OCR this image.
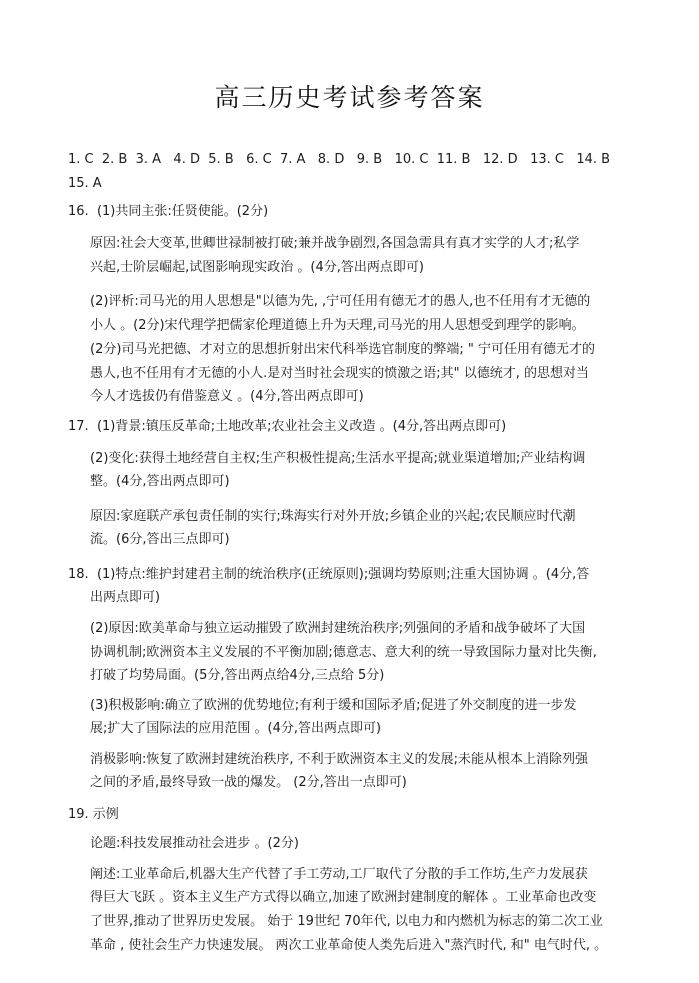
高三历史考试参考答案
1. C  2. B  3. A   4. D  5. B   6. C  7. A   8. D   9. B   10. C  11. B   12. D   13. C   14. B
15. A
16.  (1)共同主张:任贤使能。(2分)
原因:社会大变革,世卿世禄制被打破;兼并战争剧烈,各国急需具有真才实学的人才;私学
兴起,士阶层崛起,试图影响现实政治 。(4分,答出两点即可)
(2)评析:司马光的用人思想是"以德为先, ,宁可任用有德无才的愚人,也不任用有才无德的
小人 。(2分)宋代理学把儒家伦理道德上升为天理,司马光的用人思想受到理学的影响。
(2分)司马光把德、才对立的思想折射出宋代科举选官制度的弊端; " 宁可任用有德无才的
愚人,也不任用有才无德的小人.是对当时社会现实的愤激之语;其" 以德统才, 的思想对当
今人才选拔仍有借鉴意义 。(4分,答出两点即可)
17.  (1)背景:镇压反革命;土地改革;农业社会主义改造 。(4分,答出两点即可)
(2)变化:获得土地经营自主权;生产积极性提高;生活水平提高;就业渠道增加;产业结构调
整。(4分,答出两点即可)
原因:家庭联产承包责任制的实行;珠海实行对外开放;乡镇企业的兴起;农民顺应时代潮
流。(6分,答出三点即可)
18.  (1)特点:维护封建君主制的统治秩序(正统原则);强调均势原则;注重大国协调 。(4分,答
出两点即可)
(2)原因:欧美革命与独立运动摧毁了欧洲封建统治秩序;列强间的矛盾和战争破坏了大国
协调机制;欧洲资本主义发展的不平衡加剧;德意志、意大利的统一导致国际力量对比失衡,
打破了均势局面。(5分,答出两点给4分,三点给 5分)
(3)积极影响:确立了欧洲的优势地位;有利于缓和国际矛盾;促进了外交制度的进一步发
展;扩大了国际法的应用范围 。(4分,答出两点即可)
消极影响:恢复了欧洲封建统治秩序, 不利于欧洲资本主义的发展;未能从根本上消除列强
之间的矛盾,最终导致一战的爆发。 (2分,答出一点即可)
19. 示例
论题:科技发展推动社会进步 。(2分)
阐述:工业革命后,机器大生产代替了手工劳动,工厂取代了分散的手工作坊,生产力发展获
得巨大飞跃 。资本主义生产方式得以确立,加速了欧洲封建制度的解体 。工业革命也改变
了世界,推动了世界历史发展。 始于 19世纪 70年代, 以电力和内燃机为标志的第二次工业
革命 , 使社会生产力快速发展。 两次工业革命使人类先后进入"蒸汽时代, 和" 电气时代, 。
